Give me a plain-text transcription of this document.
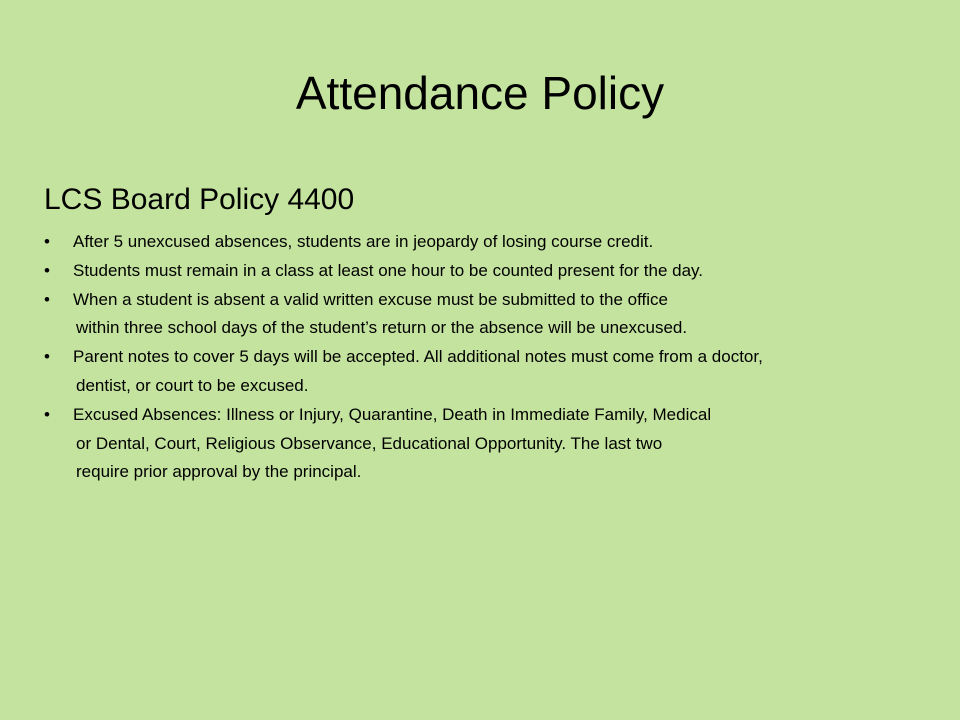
Attendance Policy
LCS Board Policy 4400
• After 5 unexcused absences, students are in jeopardy of losing course credit.
• Students must remain in a class at least one hour to be counted present for the day.
• When a student is absent a valid written excuse must be submitted to the office
within three school days of the student’s return or the absence will be unexcused.
• Parent notes to cover 5 days will be accepted. All additional notes must come from a doctor,
dentist, or court to be excused.
• Excused Absences: Illness or Injury, Quarantine, Death in Immediate Family, Medical
or Dental, Court, Religious Observance, Educational Opportunity. The last two
require prior approval by the principal.
